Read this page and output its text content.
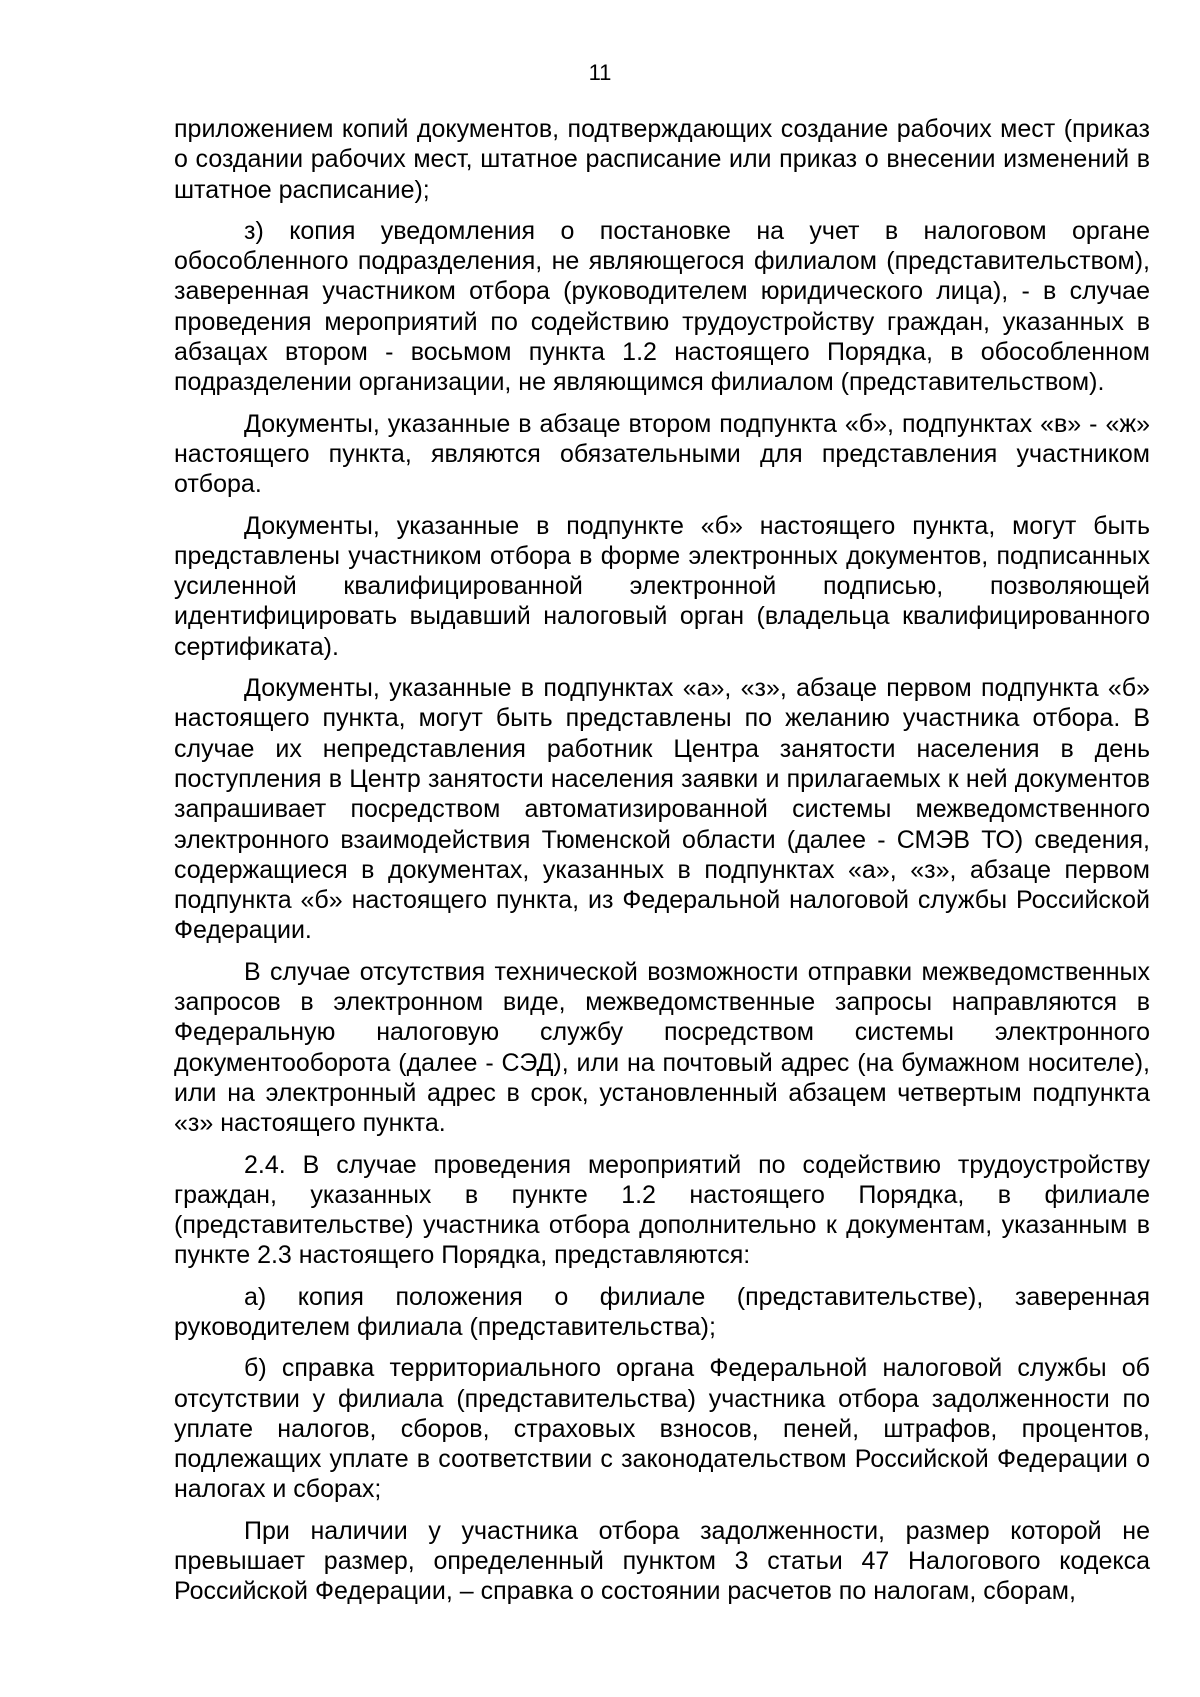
11

приложением копий документов, подтверждающих создание рабочих мест (приказ о создании рабочих мест, штатное расписание или приказ о внесении изменений в штатное расписание);

з) копия уведомления о постановке на учет в налоговом органе обособленного подразделения, не являющегося филиалом (представительством), заверенная участником отбора (руководителем юридического лица), - в случае проведения мероприятий по содействию трудоустройству граждан, указанных в абзацах втором - восьмом пункта 1.2 настоящего Порядка, в обособленном подразделении организации, не являющимся филиалом (представительством).

Документы, указанные в абзаце втором подпункта «б», подпунктах «в» - «ж» настоящего пункта, являются обязательными для представления участником отбора.

Документы, указанные в подпункте «б» настоящего пункта, могут быть представлены участником отбора в форме электронных документов, подписанных усиленной квалифицированной электронной подписью, позволяющей идентифицировать выдавший налоговый орган (владельца квалифицированного сертификата).

Документы, указанные в подпунктах «а», «з», абзаце первом подпункта «б» настоящего пункта, могут быть представлены по желанию участника отбора. В случае их непредставления работник Центра занятости населения в день поступления в Центр занятости населения заявки и прилагаемых к ней документов запрашивает посредством автоматизированной системы межведомственного электронного взаимодействия Тюменской области (далее - СМЭВ ТО) сведения, содержащиеся в документах, указанных в подпунктах «а», «з», абзаце первом подпункта «б» настоящего пункта, из Федеральной налоговой службы Российской Федерации.

В случае отсутствия технической возможности отправки межведомственных запросов в электронном виде, межведомственные запросы направляются в Федеральную налоговую службу посредством системы электронного документооборота (далее - СЭД), или на почтовый адрес (на бумажном носителе), или на электронный адрес в срок, установленный абзацем четвертым подпункта «з» настоящего пункта.

2.4. В случае проведения мероприятий по содействию трудоустройству граждан, указанных в пункте 1.2 настоящего Порядка, в филиале (представительстве) участника отбора дополнительно к документам, указанным в пункте 2.3 настоящего Порядка, представляются:

а) копия положения о филиале (представительстве), заверенная руководителем филиала (представительства);

б) справка территориального органа Федеральной налоговой службы об отсутствии у филиала (представительства) участника отбора задолженности по уплате налогов, сборов, страховых взносов, пеней, штрафов, процентов, подлежащих уплате в соответствии с законодательством Российской Федерации о налогах и сборах;

При наличии у участника отбора задолженности, размер которой не превышает размер, определенный пунктом 3 статьи 47 Налогового кодекса Российской Федерации, – справка о состоянии расчетов по налогам, сборам,
